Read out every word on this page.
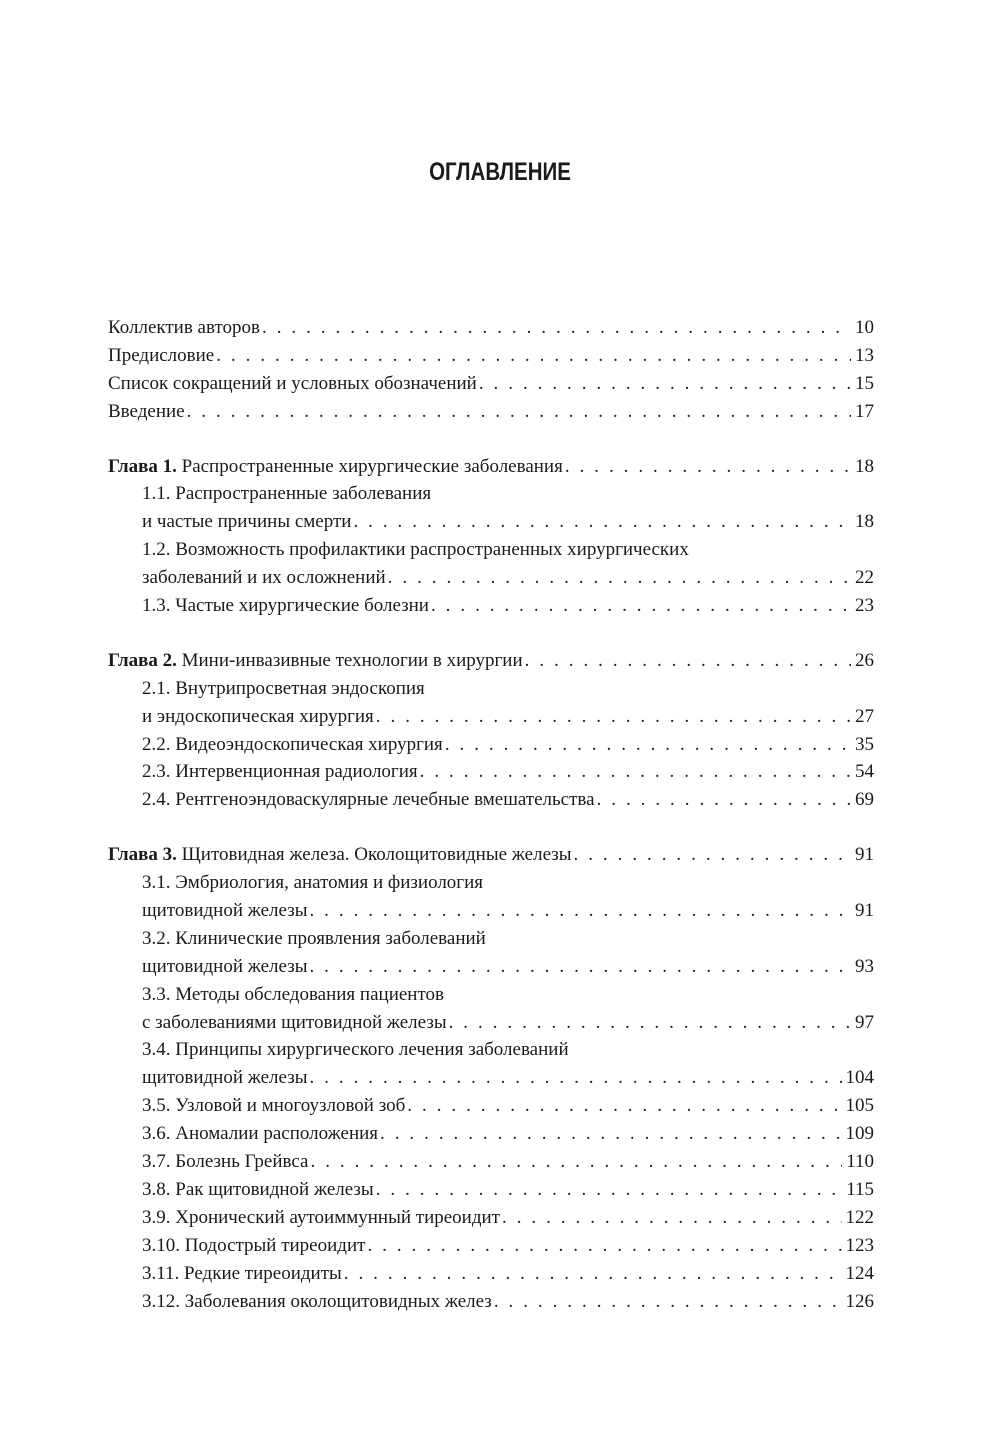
ОГЛАВЛЕНИЕ
Коллектив авторов . . .	10
Предисловие . . .	13
Список сокращений и условных обозначений . . .	15
Введение . . .	17
Глава 1. Распространенные хирургические заболевания . . .	18
1.1. Распространенные заболевания
и частые причины смерти . . .	18
1.2. Возможность профилактики распространенных хирургических
заболеваний и их осложнений . . .	22
1.3. Частые хирургические болезни . . .	23
Глава 2. Мини-инвазивные технологии в хирургии . . .	26
2.1. Внутрипросветная эндоскопия
и эндоскопическая хирургия . . .	27
2.2. Видеоэндоскопическая хирургия . . .	35
2.3. Интервенционная радиология . . .	54
2.4. Рентгеноэндоваскулярные лечебные вмешательства . . .	69
Глава 3. Щитовидная железа. Околощитовидные железы . . .	91
3.1. Эмбриология, анатомия и физиология
щитовидной железы . . .	91
3.2. Клинические проявления заболеваний
щитовидной железы . . .	93
3.3. Методы обследования пациентов
с заболеваниями щитовидной железы . . .	97
3.4. Принципы хирургического лечения заболеваний
щитовидной железы . . .	104
3.5. Узловой и многоузловой зоб . . .	105
3.6. Аномалии расположения . . .	109
3.7. Болезнь Грейвса . . .	110
3.8. Рак щитовидной железы . . .	115
3.9. Хронический аутоиммунный тиреоидит . . .	122
3.10. Подострый тиреоидит . . .	123
3.11. Редкие тиреоидиты . . .	124
3.12. Заболевания околощитовидных желез . . .	126
